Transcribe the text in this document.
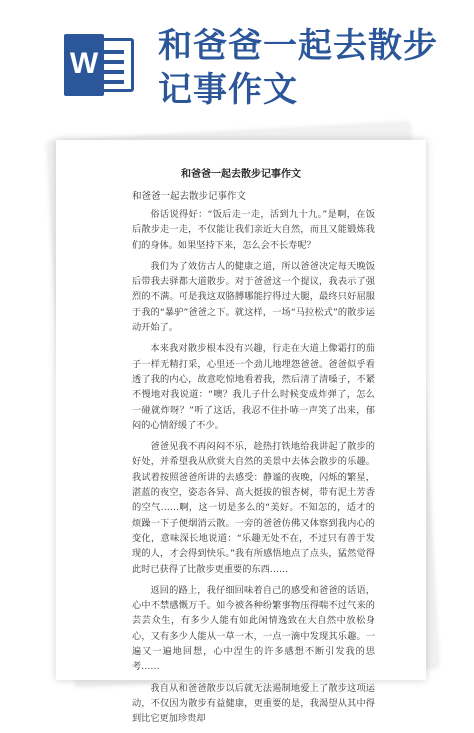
W 和爸爸一起去散步记事作文
和爸爸一起去散步记事作文
和爸爸一起去散步记事作文

俗话说得好：“饭后走一走，活到九十九。”是啊，在饭后散步走一走，不仅能让我们亲近大自然，而且又能锻炼我们的身体。如果坚持下来，怎么会不长寿呢？

我们为了效仿古人的健康之道，所以爸爸决定每天晚饭后带我去驿都大道散步。对于爸爸这一个提议，我表示了强烈的不满。可是我这双胳膊哪能拧得过大腿，最终只好屈服于我的“暴驴”爸爸之下。就这样，一场“马拉松式”的散步运动开始了。

本来我对散步根本没有兴趣，行走在大道上像霜打的茄子一样无精打采，心里还一个劲儿地埋怨爸爸。爸爸似乎看透了我的内心，故意吃惊地看着我，然后清了清嗓子，不紧不慢地对我说道：“噢？我儿子什么时候变成炸弹了，怎么一碰就炸呀？”听了这话，我忍不住扑哧一声笑了出来，郁闷的心情舒缓了不少。

爸爸见我不再闷闷不乐，趁热打铁地给我讲起了散步的好处，并希望我从欣赏大自然的美景中去体会散步的乐趣。我试着按照爸爸所讲的去感受：静谧的夜晚，闪烁的繁星，湛蓝的夜空，姿态各异、高大挺拔的银杏树，带有泥土芳香的空气……啊，这一切是多么的“美好。不知怎的，适才的烦躁一下子便烟消云散。一旁的爸爸仿佛又体察到我内心的变化，意味深长地说道：“乐趣无处不在，不过只有善于发现的人，才会得到快乐。”我有所感悟地点了点头，猛然觉得此时已获得了比散步更重要的东西……

返回的路上，我仔细回味着自己的感受和爸爸的话语，心中不禁感慨万千。如今被各种纷繁事物压得喘不过气来的芸芸众生，有多少人能有如此闲情逸致在大自然中放松身心，又有多少人能从一草一木，一点一滴中发现其乐趣。一遍又一遍地回想，心中涅生的许多感想不断引发我的思考……

我自从和爸爸散步以后就无法遏制地爱上了散步这项运动，不仅因为散步有益健康，更重要的是，我渴望从其中得到比它更加珍贵却
